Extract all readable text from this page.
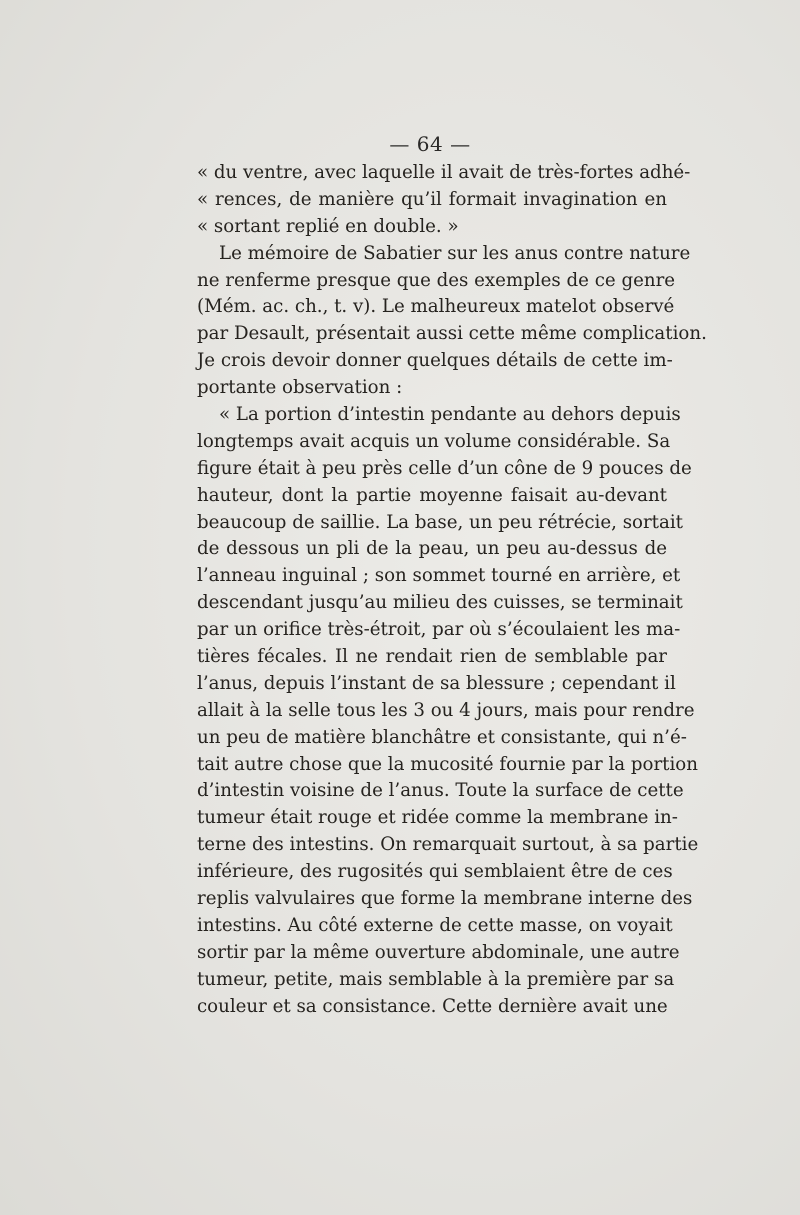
— 64 —
« du ventre, avec laquelle il avait de très-fortes adhé-
« rences, de manière qu’il formait invagination en
« sortant replié en double. »
Le mémoire de Sabatier sur les anus contre nature
ne renferme presque que des exemples de ce genre
(Mém. ac. ch., t. v). Le malheureux matelot observé
par Desault, présentait aussi cette même complication.
Je crois devoir donner quelques détails de cette im-
portante observation :
« La portion d’intestin pendante au dehors depuis
longtemps avait acquis un volume considérable. Sa
figure était à peu près celle d’un cône de 9 pouces de
hauteur, dont la partie moyenne faisait au-devant
beaucoup de saillie. La base, un peu rétrécie, sortait
de dessous un pli de la peau, un peu au-dessus de
l’anneau inguinal ; son sommet tourné en arrière, et
descendant jusqu’au milieu des cuisses, se terminait
par un orifice très-étroit, par où s’écoulaient les ma-
tières fécales. Il ne rendait rien de semblable par
l’anus, depuis l’instant de sa blessure ; cependant il
allait à la selle tous les 3 ou 4 jours, mais pour rendre
un peu de matière blanchâtre et consistante, qui n’é-
tait autre chose que la mucosité fournie par la portion
d’intestin voisine de l’anus. Toute la surface de cette
tumeur était rouge et ridée comme la membrane in-
terne des intestins. On remarquait surtout, à sa partie
inférieure, des rugosités qui semblaient être de ces
replis valvulaires que forme la membrane interne des
intestins. Au côté externe de cette masse, on voyait
sortir par la même ouverture abdominale, une autre
tumeur, petite, mais semblable à la première par sa
couleur et sa consistance. Cette dernière avait une
